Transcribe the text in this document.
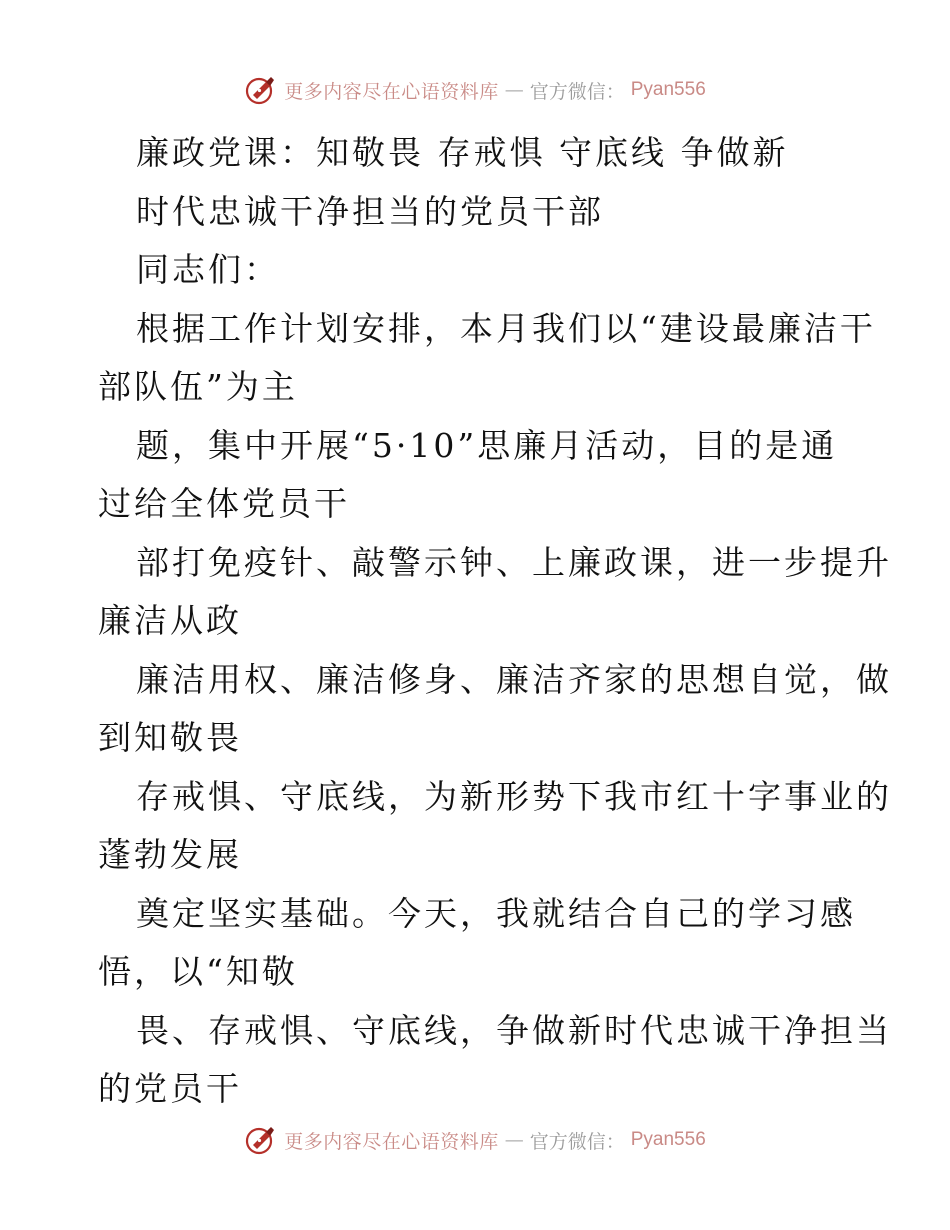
更多内容尽在心语资料库 — 官方微信： Pyan556
廉政党课：知敬畏 存戒惧 守底线 争做新
时代忠诚干净担当的党员干部
同志们：
根据工作计划安排，本月我们以“建设最廉洁干
部队伍”为主
题，集中开展“5·10”思廉月活动，目的是通
过给全体党员干
部打免疫针、敲警示钟、上廉政课，进一步提升
廉洁从政
廉洁用权、廉洁修身、廉洁齐家的思想自觉，做
到知敬畏
存戒惧、守底线，为新形势下我市红十字事业的
蓬勃发展
奠定坚实基础。今天，我就结合自己的学习感
悟，以“知敬
畏、存戒惧、守底线，争做新时代忠诚干净担当
的党员干
更多内容尽在心语资料库 — 官方微信： Pyan556
